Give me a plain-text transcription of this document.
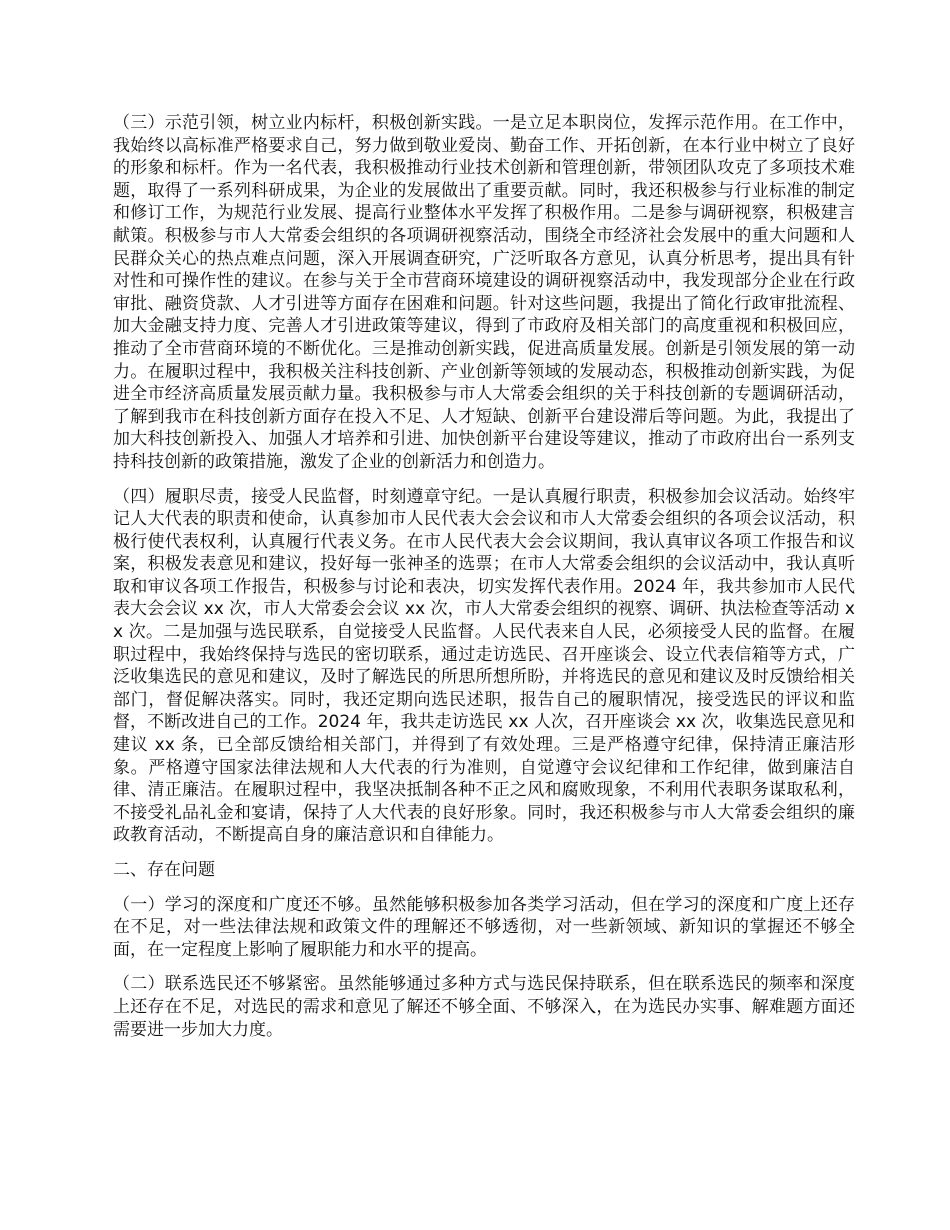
（三）示范引领，树立业内标杆，积极创新实践。一是立足本职岗位，发挥示范作用。在工作中，我始终以高标准严格要求自己，努力做到敬业爱岗、勤奋工作、开拓创新，在本行业中树立了良好的形象和标杆。作为一名代表，我积极推动行业技术创新和管理创新，带领团队攻克了多项技术难题，取得了一系列科研成果，为企业的发展做出了重要贡献。同时，我还积极参与行业标准的制定和修订工作，为规范行业发展、提高行业整体水平发挥了积极作用。二是参与调研视察，积极建言献策。积极参与市人大常委会组织的各项调研视察活动，围绕全市经济社会发展中的重大问题和人民群众关心的热点难点问题，深入开展调查研究，广泛听取各方意见，认真分析思考，提出具有针对性和可操作性的建议。在参与关于全市营商环境建设的调研视察活动中，我发现部分企业在行政审批、融资贷款、人才引进等方面存在困难和问题。针对这些问题，我提出了简化行政审批流程、加大金融支持力度、完善人才引进政策等建议，得到了市政府及相关部门的高度重视和积极回应，推动了全市营商环境的不断优化。三是推动创新实践，促进高质量发展。创新是引领发展的第一动力。在履职过程中，我积极关注科技创新、产业创新等领域的发展动态，积极推动创新实践，为促进全市经济高质量发展贡献力量。我积极参与市人大常委会组织的关于科技创新的专题调研活动，了解到我市在科技创新方面存在投入不足、人才短缺、创新平台建设滞后等问题。为此，我提出了加大科技创新投入、加强人才培养和引进、加快创新平台建设等建议，推动了市政府出台一系列支持科技创新的政策措施，激发了企业的创新活力和创造力。

（四）履职尽责，接受人民监督，时刻遵章守纪。一是认真履行职责，积极参加会议活动。始终牢记人大代表的职责和使命，认真参加市人民代表大会会议和市人大常委会组织的各项会议活动，积极行使代表权利，认真履行代表义务。在市人民代表大会会议期间，我认真审议各项工作报告和议案，积极发表意见和建议，投好每一张神圣的选票；在市人大常委会组织的会议活动中，我认真听取和审议各项工作报告，积极参与讨论和表决，切实发挥代表作用。2024 年，我共参加市人民代表大会会议 xx 次，市人大常委会会议 xx 次，市人大常委会组织的视察、调研、执法检查等活动 xx 次。二是加强与选民联系，自觉接受人民监督。人民代表来自人民，必须接受人民的监督。在履职过程中，我始终保持与选民的密切联系，通过走访选民、召开座谈会、设立代表信箱等方式，广泛收集选民的意见和建议，及时了解选民的所思所想所盼，并将选民的意见和建议及时反馈给相关部门，督促解决落实。同时，我还定期向选民述职，报告自己的履职情况，接受选民的评议和监督，不断改进自己的工作。2024 年，我共走访选民 xx 人次，召开座谈会 xx 次，收集选民意见和建议 xx 条，已全部反馈给相关部门，并得到了有效处理。三是严格遵守纪律，保持清正廉洁形象。严格遵守国家法律法规和人大代表的行为准则，自觉遵守会议纪律和工作纪律，做到廉洁自律、清正廉洁。在履职过程中，我坚决抵制各种不正之风和腐败现象，不利用代表职务谋取私利，不接受礼品礼金和宴请，保持了人大代表的良好形象。同时，我还积极参与市人大常委会组织的廉政教育活动，不断提高自身的廉洁意识和自律能力。

二、存在问题

（一）学习的深度和广度还不够。虽然能够积极参加各类学习活动，但在学习的深度和广度上还存在不足，对一些法律法规和政策文件的理解还不够透彻，对一些新领域、新知识的掌握还不够全面，在一定程度上影响了履职能力和水平的提高。

（二）联系选民还不够紧密。虽然能够通过多种方式与选民保持联系，但在联系选民的频率和深度上还存在不足，对选民的需求和意见了解还不够全面、不够深入，在为选民办实事、解难题方面还需要进一步加大力度。
